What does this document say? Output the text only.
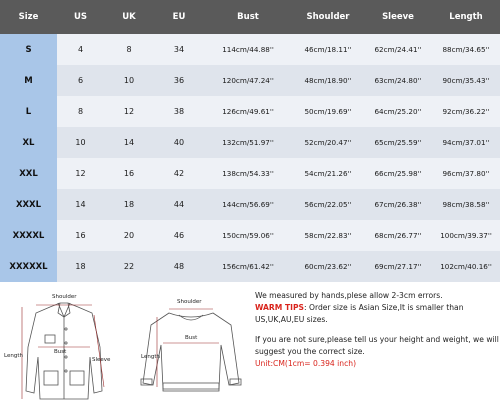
Size	US	UK	EU	Bust	Shoulder	Sleeve	Length
S	4	8	34	114cm/44.88''	46cm/18.11''	62cm/24.41''	88cm/34.65''
M	6	10	36	120cm/47.24''	48cm/18.90''	63cm/24.80''	90cm/35.43''
L	8	12	38	126cm/49.61''	50cm/19.69''	64cm/25.20''	92cm/36.22''
XL	10	14	40	132cm/51.97''	52cm/20.47''	65cm/25.59''	94cm/37.01''
XXL	12	16	42	138cm/54.33''	54cm/21.26''	66cm/25.98''	96cm/37.80''
XXXL	14	18	44	144cm/56.69''	56cm/22.05''	67cm/26.38''	98cm/38.58''
XXXXL	16	20	46	150cm/59.06''	58cm/22.83''	68cm/26.77''	100cm/39.37''
XXXXXL	18	22	48	156cm/61.42''	60cm/23.62''	69cm/27.17''	102cm/40.16''
Shoulder
Length
Bust
Sleeve
Shoulder
Bust
Length

We measured by hands,plese allow 2-3cm errors.

WARM TIPS: Order size is Asian Size,It is smaller than US,UK,AU,EU sizes.

If you are not sure,please tell us your height and weight, we will suggest you the correct size.

Unit:CM(1cm= 0.394 inch)
